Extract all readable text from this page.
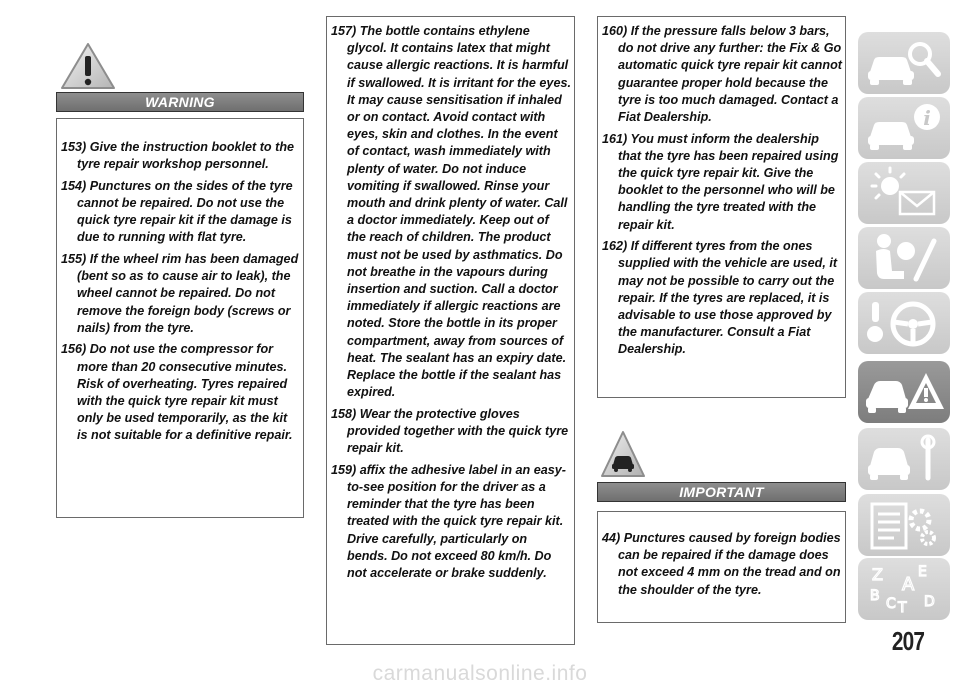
WARNING
153) Give the instruction booklet to the tyre repair workshop personnel.
154) Punctures on the sides of the tyre cannot be repaired. Do not use the quick tyre repair kit if the damage is due to running with flat tyre.
155) If the wheel rim has been damaged (bent so as to cause air to leak), the wheel cannot be repaired. Do not remove the foreign body (screws or nails) from the tyre.
156) Do not use the compressor for more than 20 consecutive minutes. Risk of overheating. Tyres repaired with the quick tyre repair kit must only be used temporarily, as the kit is not suitable for a definitive repair.
157) The bottle contains ethylene glycol. It contains latex that might cause allergic reactions. It is harmful if swallowed. It is irritant for the eyes. It may cause sensitisation if inhaled or on contact. Avoid contact with eyes, skin and clothes. In the event of contact, wash immediately with plenty of water. Do not induce vomiting if swallowed. Rinse your mouth and drink plenty of water. Call a doctor immediately. Keep out of the reach of children. The product must not be used by asthmatics. Do not breathe in the vapours during insertion and suction. Call a doctor immediately if allergic reactions are noted. Store the bottle in its proper compartment, away from sources of heat. The sealant has an expiry date. Replace the bottle if the sealant has expired.
158) Wear the protective gloves provided together with the quick tyre repair kit.
159) affix the adhesive label in an easy-to-see position for the driver as a reminder that the tyre has been treated with the quick tyre repair kit. Drive carefully, particularly on bends. Do not exceed 80 km/h. Do not accelerate or brake suddenly.
160) If the pressure falls below 3 bars, do not drive any further: the Fix & Go automatic quick tyre repair kit cannot guarantee proper hold because the tyre is too much damaged. Contact a Fiat Dealership.
161) You must inform the dealership that the tyre has been repaired using the quick tyre repair kit. Give the booklet to the personnel who will be handling the tyre treated with the repair kit.
162) If different tyres from the ones supplied with the vehicle are used, it may not be possible to carry out the repair. If the tyres are replaced, it is advisable to use those approved by the manufacturer. Consult a Fiat Dealership.
IMPORTANT
44) Punctures caused by foreign bodies can be repaired if the damage does not exceed 4 mm on the tread and on the shoulder of the tyre.
i
Z	E
A
B C T D
207
carmanualsonline.info
